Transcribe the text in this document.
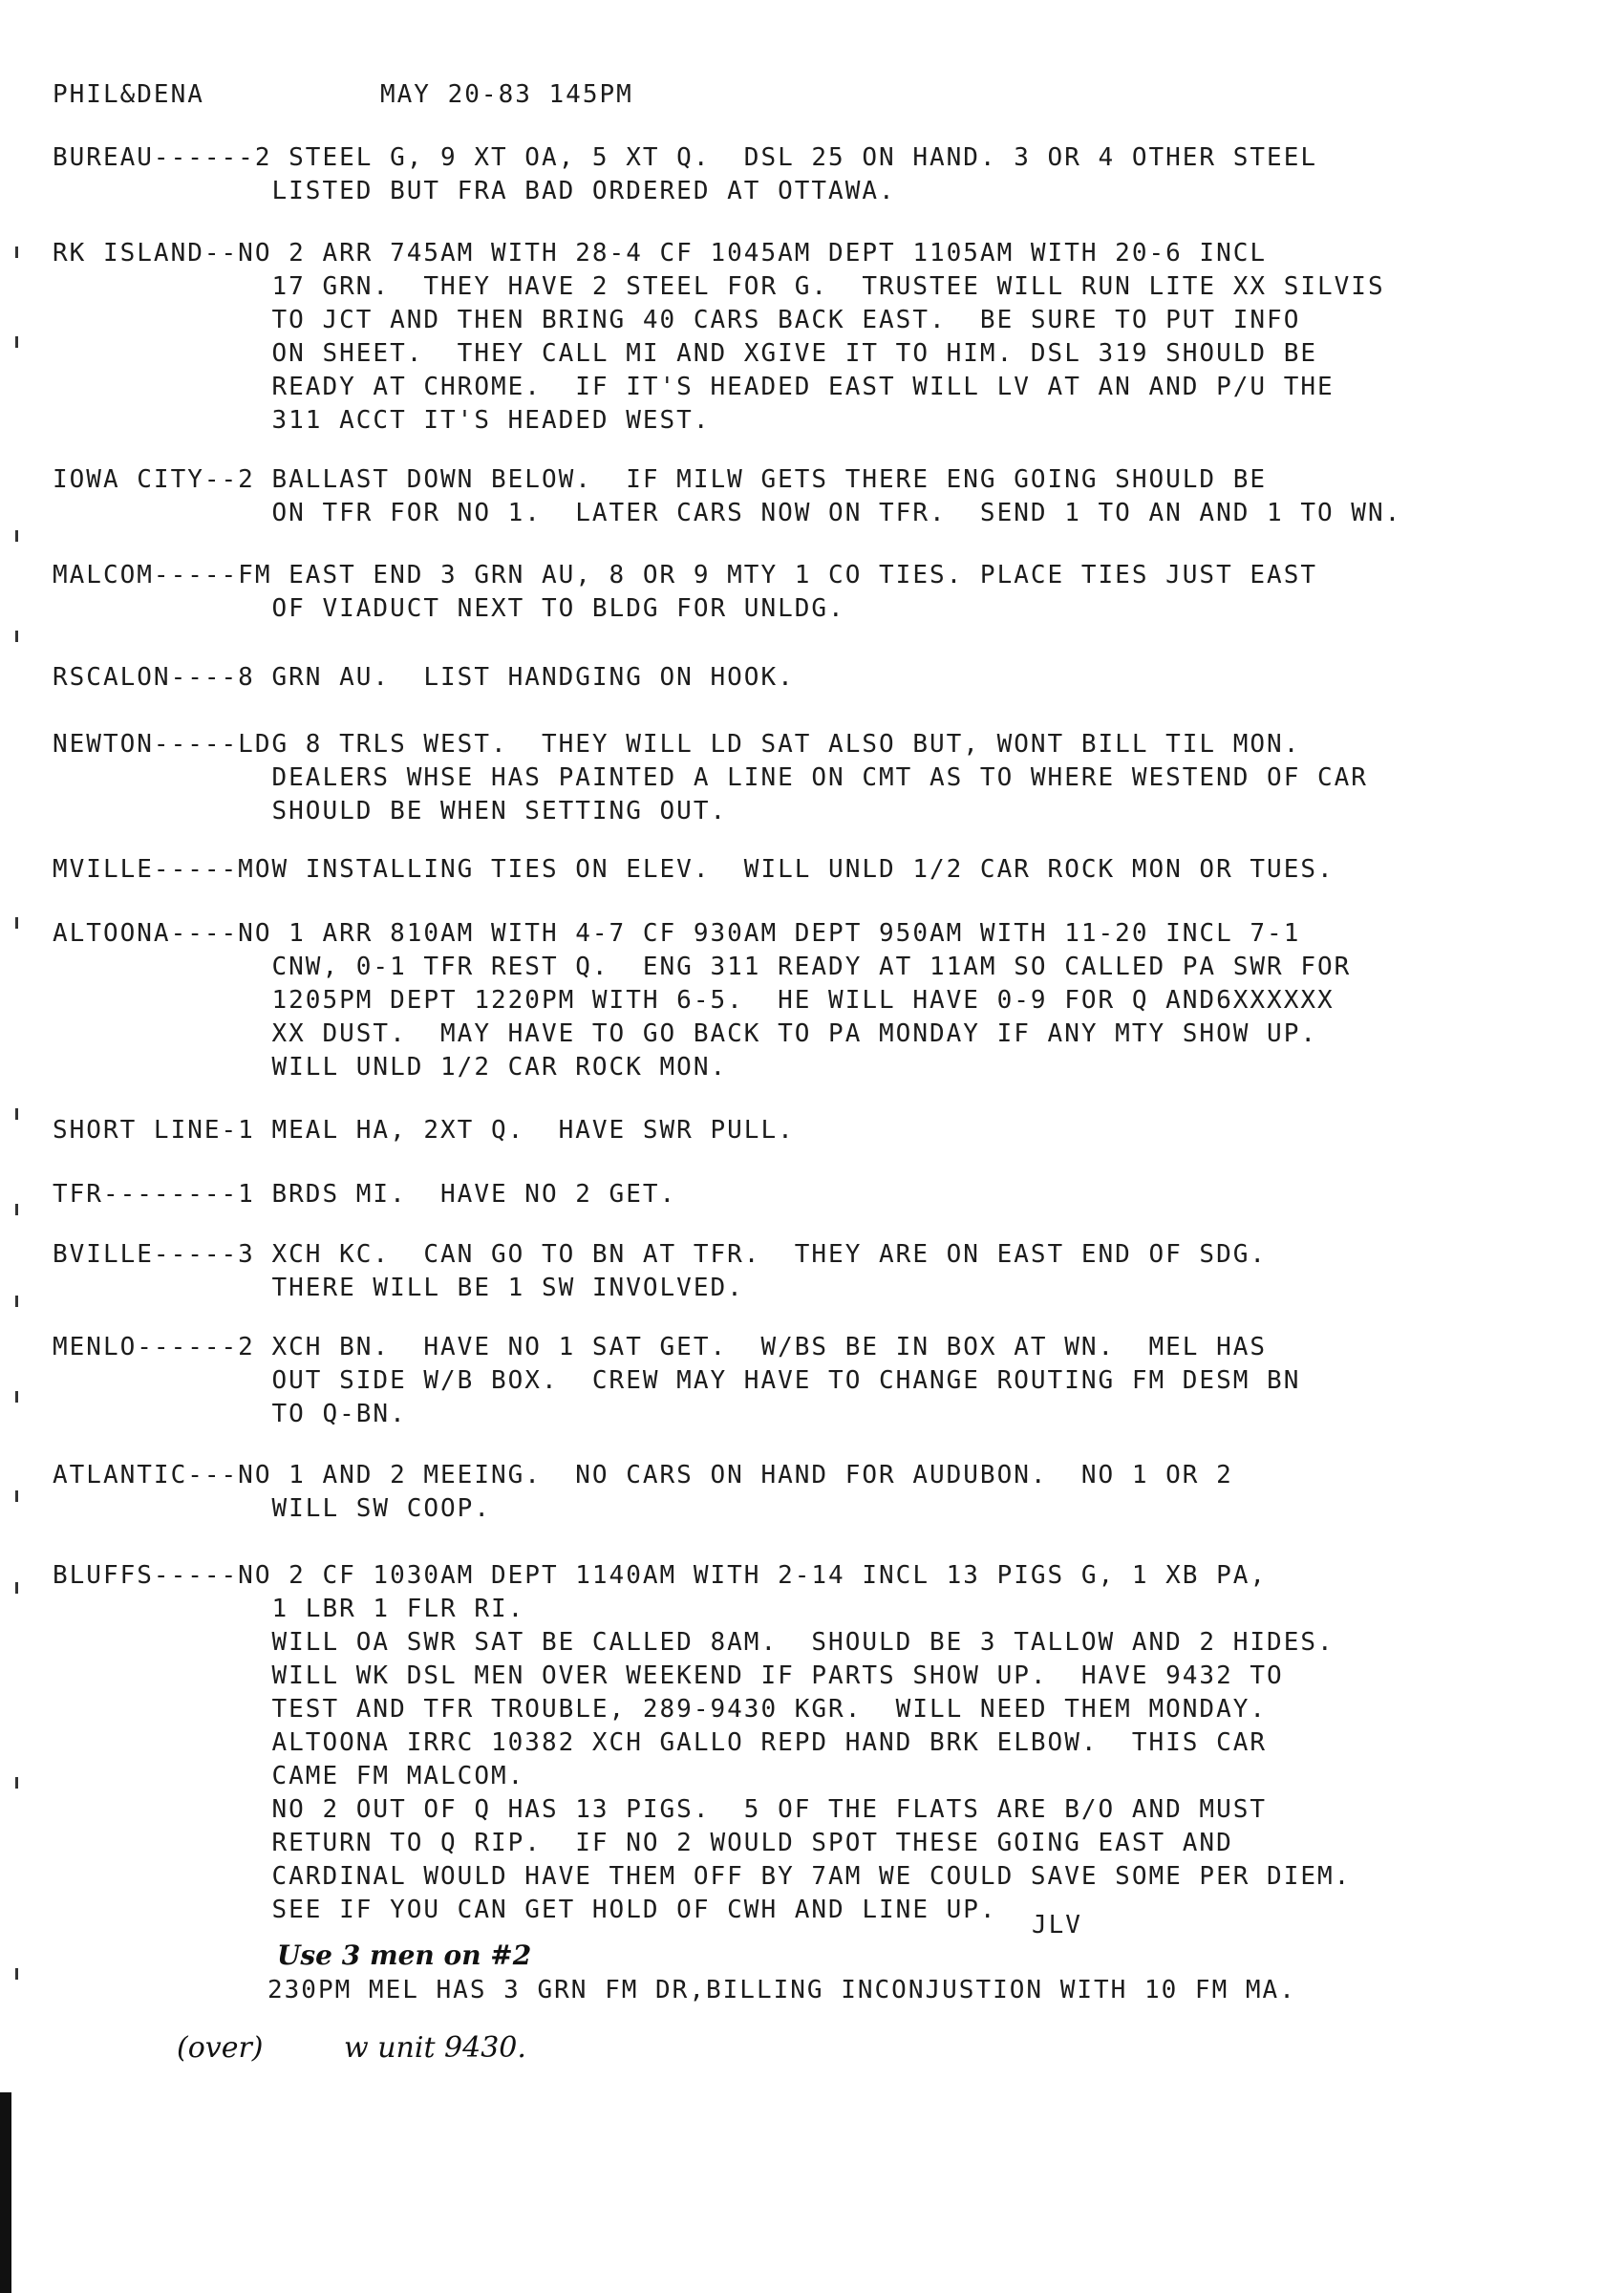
PHIL&DENA	MAY 20-83 145PM
BUREAU------2 STEEL G, 9 XT OA, 5 XT Q.  DSL 25 ON HAND. 3 OR 4 OTHER STEEL
LISTED BUT FRA BAD ORDERED AT OTTAWA.
RK ISLAND--NO 2 ARR 745AM WITH 28-4 CF 1045AM DEPT 1105AM WITH 20-6 INCL
17 GRN.  THEY HAVE 2 STEEL FOR G.  TRUSTEE WILL RUN LITE XX SILVIS
TO JCT AND THEN BRING 40 CARS BACK EAST.  BE SURE TO PUT INFO
ON SHEET.  THEY CALL MI AND XGIVE IT TO HIM. DSL 319 SHOULD BE
READY AT CHROME.  IF IT'S HEADED EAST WILL LV AT AN AND P/U THE
311 ACCT IT'S HEADED WEST.
IOWA CITY--2 BALLAST DOWN BELOW.  IF MILW GETS THERE ENG GOING SHOULD BE
ON TFR FOR NO 1.  LATER CARS NOW ON TFR.  SEND 1 TO AN AND 1 TO WN.
MALCOM-----FM EAST END 3 GRN AU, 8 OR 9 MTY 1 CO TIES. PLACE TIES JUST EAST
OF VIADUCT NEXT TO BLDG FOR UNLDG.
RSCALON----8 GRN AU.  LIST HANDGING ON HOOK.
NEWTON-----LDG 8 TRLS WEST.  THEY WILL LD SAT ALSO BUT, WONT BILL TIL MON.
DEALERS WHSE HAS PAINTED A LINE ON CMT AS TO WHERE WESTEND OF CAR
SHOULD BE WHEN SETTING OUT.
MVILLE-----MOW INSTALLING TIES ON ELEV.  WILL UNLD 1/2 CAR ROCK MON OR TUES.
ALTOONA----NO 1 ARR 810AM WITH 4-7 CF 930AM DEPT 950AM WITH 11-20 INCL 7-1
CNW, 0-1 TFR REST Q.  ENG 311 READY AT 11AM SO CALLED PA SWR FOR
1205PM DEPT 1220PM WITH 6-5.  HE WILL HAVE 0-9 FOR Q AND6XXXXXX
XX DUST.  MAY HAVE TO GO BACK TO PA MONDAY IF ANY MTY SHOW UP.
WILL UNLD 1/2 CAR ROCK MON.
SHORT LINE-1 MEAL HA, 2XT Q.  HAVE SWR PULL.
TFR--------1 BRDS MI.  HAVE NO 2 GET.
BVILLE-----3 XCH KC.  CAN GO TO BN AT TFR.  THEY ARE ON EAST END OF SDG.
THERE WILL BE 1 SW INVOLVED.
MENLO------2 XCH BN.  HAVE NO 1 SAT GET.  W/BS BE IN BOX AT WN.  MEL HAS
OUT SIDE W/B BOX.  CREW MAY HAVE TO CHANGE ROUTING FM DESM BN
TO Q-BN.
ATLANTIC---NO 1 AND 2 MEEING.  NO CARS ON HAND FOR AUDUBON.  NO 1 OR 2
WILL SW COOP.
BLUFFS-----NO 2 CF 1030AM DEPT 1140AM WITH 2-14 INCL 13 PIGS G, 1 XB PA,
1 LBR 1 FLR RI.
WILL OA SWR SAT BE CALLED 8AM.  SHOULD BE 3 TALLOW AND 2 HIDES.
WILL WK DSL MEN OVER WEEKEND IF PARTS SHOW UP.  HAVE 9432 TO
TEST AND TFR TROUBLE, 289-9430 KGR.  WILL NEED THEM MONDAY.
ALTOONA IRRC 10382 XCH GALLO REPD HAND BRK ELBOW.  THIS CAR
CAME FM MALCOM.
NO 2 OUT OF Q HAS 13 PIGS.  5 OF THE FLATS ARE B/O AND MUST
RETURN TO Q RIP.  IF NO 2 WOULD SPOT THESE GOING EAST AND
CARDINAL WOULD HAVE THEM OFF BY 7AM WE COULD SAVE SOME PER DIEM.
SEE IF YOU CAN GET HOLD OF CWH AND LINE UP.
JLV
Use 3 men on #2
230PM MEL HAS 3 GRN FM DR,BILLING INCONJUSTION WITH 10 FM MA.
(over)	w unit 9430.
